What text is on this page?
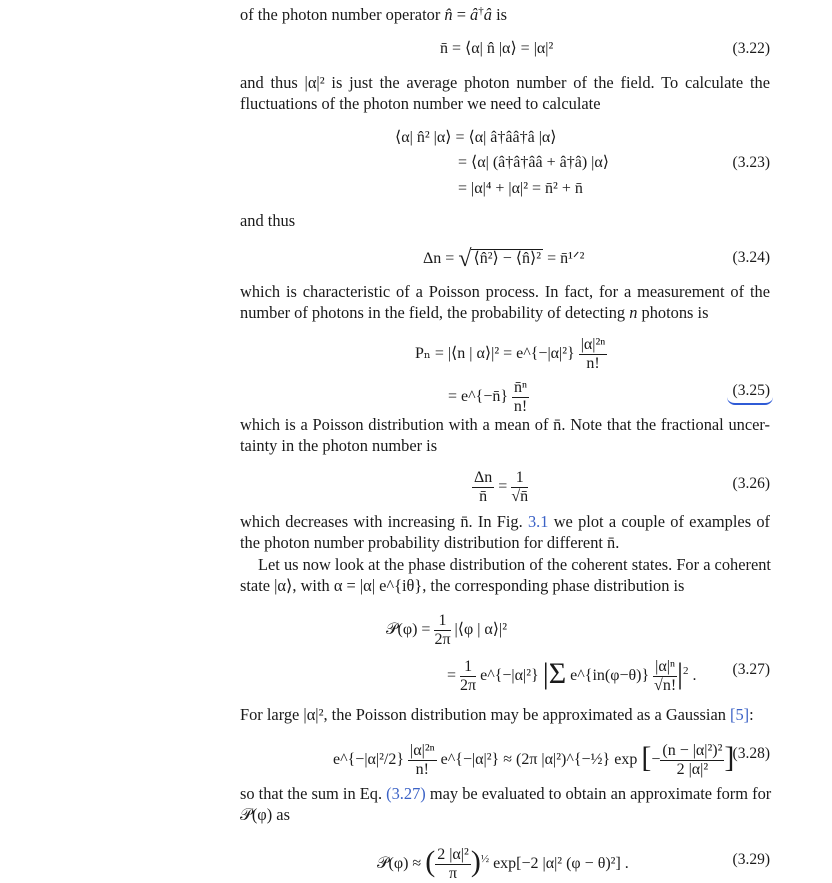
of the photon number operator n̂ = â†â is
n̄ = ⟨α| n̂ |α⟩ = |α|²	(3.22)
and thus |α|² is just the average photon number of the field. To calculate the
fluctuations of the photon number we need to calculate
⟨α| n̂² |α⟩ = ⟨α| â†ââ†â |α⟩
= ⟨α| (â†â†ââ + â†â) |α⟩
= |α|⁴ + |α|² = n̄² + n̄
(3.23)
and thus
Δn = √ ⟨n̂²⟩ − ⟨n̂⟩² = n̄¹ᐟ²	(3.24)
which is characteristic of a Poisson process. In fact, for a measurement of the
number of photons in the field, the probability of detecting n photons is
Pₙ = |⟨n | α⟩|² = e^{−|α|²} $\frac{\text{|α|²ⁿ}}{n!}$
= e^{−n̄} $\frac{\text{n̄ⁿ}}{n!}$	(3.25)
which is a Poisson distribution with a mean of n̄. Note that the fractional uncer-
tainty in the photon number is
$\frac{\Delta n}{n̄} = \frac{1}{√n̄}$	(3.26)
which decreases with increasing n̄. In Fig. 3.1 we plot a couple of examples of
the photon number probability distribution for different n̄.
Let us now look at the phase distribution of the coherent states. For a coherent
state |α⟩, with α = |α| e^{iθ}, the corresponding phase distribution is
𝒫(φ) = $\frac{1}{2\pi}$ |⟨φ | α⟩|²
= $\frac{1}{2\pi}$ e^{−|α|²} |Σ e^{in(φ−θ)} $\frac{\text{|α|ⁿ}}{√n!} |^2$ . (3.27)
For large |α|², the Poisson distribution may be approximated as a Gaussian [5]:
e^{−|α|²/2} $\frac{\text{|α|²ⁿ}}{n!}$ e^{−|α|²} ≈ (2π |α|²)^{−½} exp [− $\frac{\text{(n − |α|²)²}}{\text{2 |α|²}}$ ]
(3.28)
so that the sum in Eq. (3.27) may be evaluated to obtain an approximate form for
𝒫(φ) as
𝒫(φ) ≈ ( $\frac{\text{2 |α|²}}{\pi} )^{\frac{1}{2}}$ exp[−2 |α|² (φ − θ)²] .	(3.29)
